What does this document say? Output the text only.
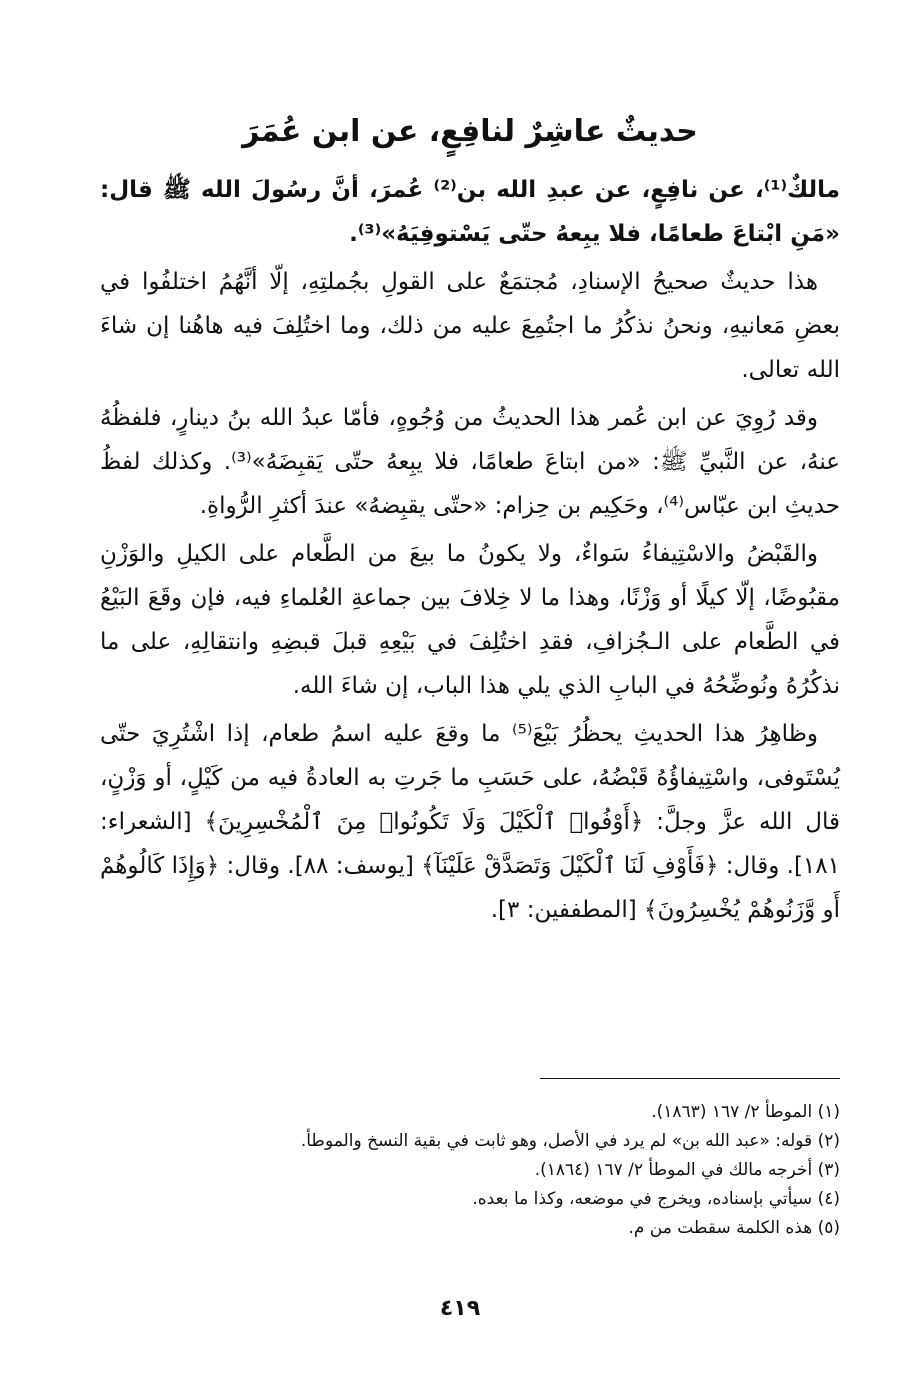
حديثٌ عاشِرٌ لنافِعٍ، عن ابن عُمَرَ

مالكٌ⁽¹⁾، عن نافِعٍ، عن عبدِ الله بن⁽²⁾ عُمرَ، أنَّ رسُولَ الله ﷺ قال: «مَنِ ابْتاعَ طعامًا، فلا يبِعهُ حتّى يَسْتوفِيَهُ»⁽³⁾.

هذا حديثٌ صحيحُ الإسنادِ، مُجتمَعٌ على القولِ بجُملتِهِ، إلّا أنَّهُمُ اختلفُوا في بعضِ مَعانيهِ، ونحنُ نذكُرُ ما اجتُمِعَ عليه من ذلك، وما اختُلِفَ فيه هاهُنا إن شاءَ الله تعالى.

وقد رُوِيَ عن ابن عُمر هذا الحديثُ من وُجُوهٍ، فأمّا عبدُ الله بنُ دينارٍ، فلفظُهُ عنهُ، عن النَّبيِّ ﷺ: «من ابتاعَ طعامًا، فلا يبِعهُ حتّى يَقبِضَهُ»⁽³⁾. وكذلك لفظُ حديثِ ابن عبّاس⁽⁴⁾، وحَكِيم بن حِزام: «حتّى يقبِضهُ» عندَ أكثرِ الرُّواةِ.

والقَبْضُ والاسْتِيفاءُ سَواءٌ، ولا يكونُ ما بيعَ من الطَّعام على الكيلِ والوَزْنِ مقبُوضًا، إلّا كيلًا أو وَزْنًا، وهذا ما لا خِلافَ بين جماعةِ العُلماءِ فيه، فإن وقَعَ البَيْعُ في الطَّعام على الـجُزافِ، فقدِ اختُلِفَ في بَيْعِهِ قبلَ قبضِهِ وانتقالِهِ، على ما نذكُرُهُ ونُوضِّحُهُ في البابِ الذي يلي هذا الباب، إن شاءَ الله.

وظاهِرُ هذا الحديثِ يحظُرُ بَيْعَ⁽⁵⁾ ما وقعَ عليه اسمُ طعام، إذا اشْتُرِيَ حتّى يُسْتَوفى، واسْتِيفاؤُهُ قَبْضُهُ، على حَسَبِ ما جَرتِ به العادةُ فيه من كَيْلٍ، أو وَزْنٍ، قال الله عزَّ وجلَّ: ﴿أَوْفُوا۟ ٱلْكَيْلَ وَلَا تَكُونُوا۟ مِنَ ٱلْمُخْسِرِينَ﴾ [الشعراء: ١٨١]. وقال: ﴿فَأَوْفِ لَنَا ٱلْكَيْلَ وَتَصَدَّقْ عَلَيْنَآ﴾ [يوسف: ٨٨]. وقال: ﴿وَإِذَا كَالُوهُمْ أَو وَّزَنُوهُمْ يُخْسِرُونَ﴾ [المطففين: ٣].

(١) الموطأ ٢/ ١٦٧ (١٨٦٣).

(٢) قوله: «عبد الله بن» لم يرد في الأصل، وهو ثابت في بقية النسخ والموطأ.

(٣) أخرجه مالك في الموطأ ٢/ ١٦٧ (١٨٦٤).

(٤) سيأتي بإسناده، ويخرج في موضعه، وكذا ما بعده.

(٥) هذه الكلمة سقطت من م.

٤١٩
